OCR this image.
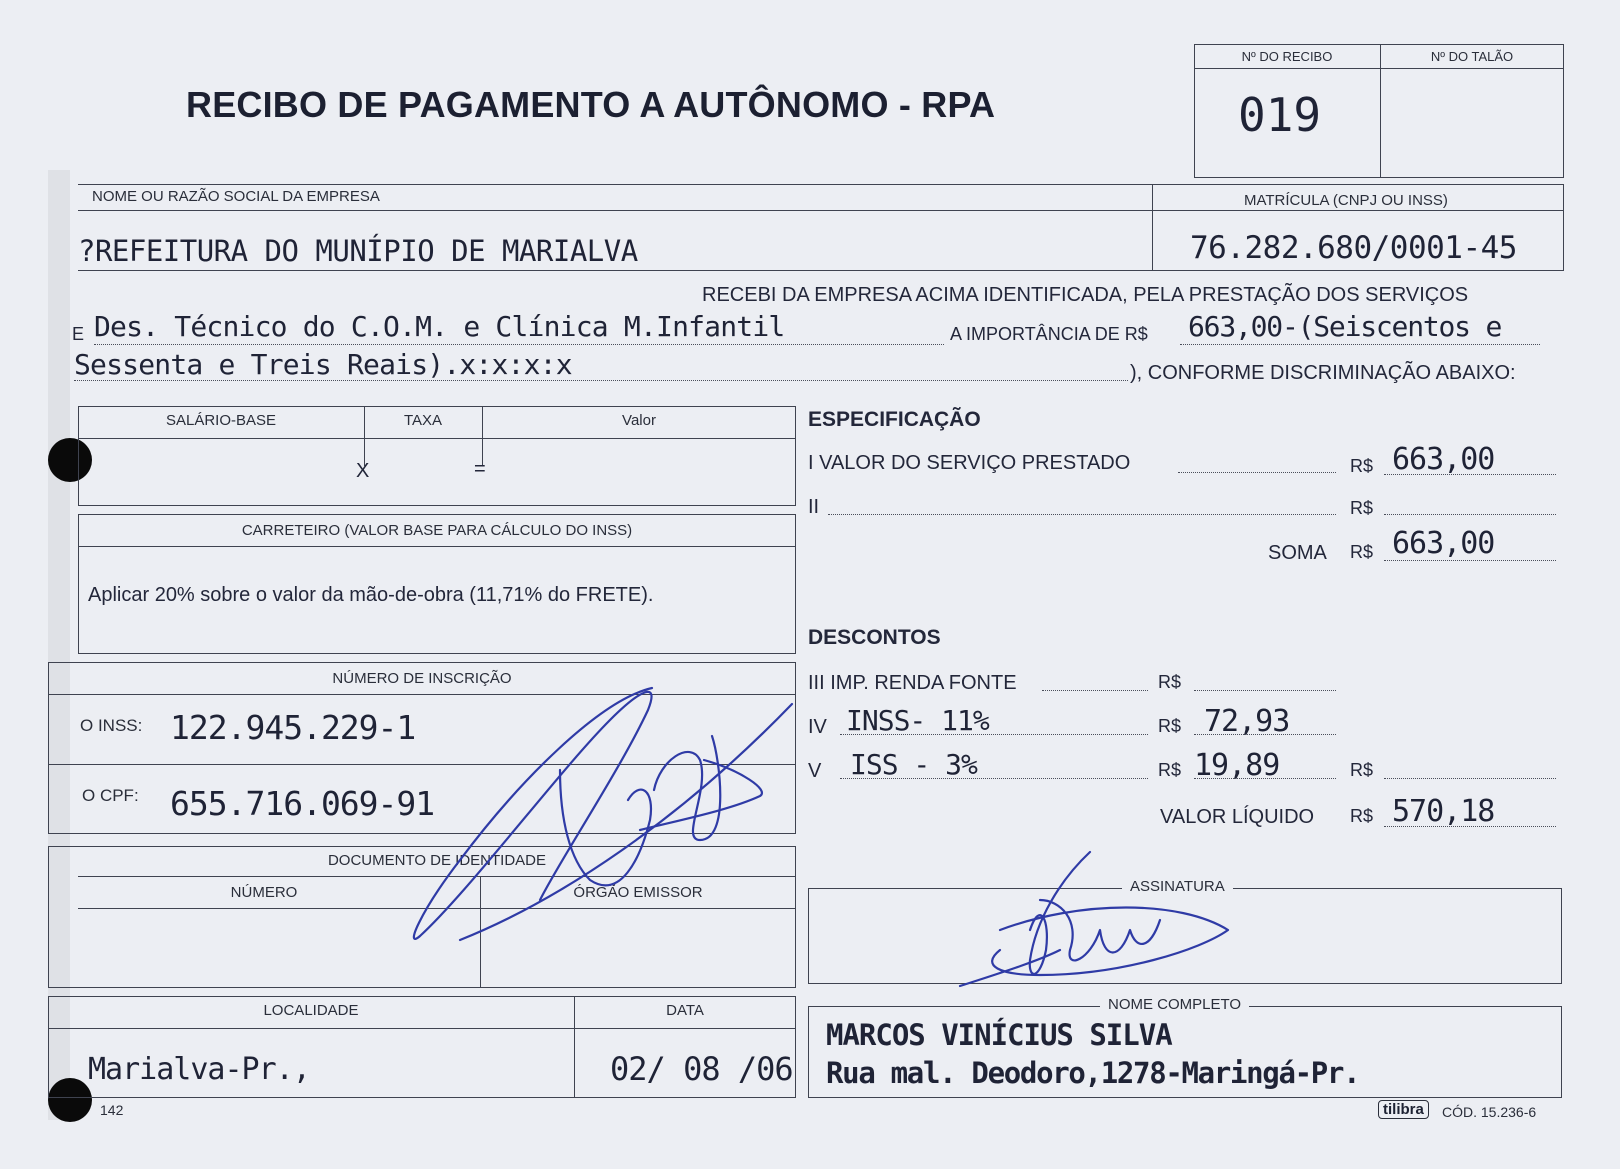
RECIBO DE PAGAMENTO A AUTÔNOMO - RPA
Nº DO RECIBO	Nº DO TALÃO
019
NOME OU RAZÃO SOCIAL DA EMPRESA	MATRÍCULA (CNPJ OU INSS)
?REFEITURA DO MUNÍPIO DE MARIALVA	76.282.680/0001-45
RECEBI DA EMPRESA ACIMA IDENTIFICADA, PELA PRESTAÇÃO DOS SERVIÇOS
E Des. Técnico do C.O.M. e Clínica M.Infantil	A IMPORTÂNCIA DE R$ 663,00-(Seiscentos e
Sessenta e Treis Reais).x:x:x:x	), CONFORME DISCRIMINAÇÃO ABAIXO:
SALÁRIO-BASE	TAXA	Valor
X	=
CARRETEIRO (VALOR BASE PARA CÁLCULO DO INSS)
Aplicar 20% sobre o valor da mão-de-obra (11,71% do FRETE).
NÚMERO DE INSCRIÇÃO
O INSS: 122.945.229-1
O CPF: 655.716.069-91
DOCUMENTO DE IDENTIDADE
NÚMERO	ÓRGÃO EMISSOR
LOCALIDADE	DATA
Marialva-Pr.,	02/ 08 /06
ESPECIFICAÇÃO
I VALOR DO SERVIÇO PRESTADO	R$ 663,00
II	R$
SOMA R$ 663,00
DESCONTOS
III IMP. RENDA FONTE	R$
IV INSS- 11%	R$ 72,93
V ISS - 3%	R$ 19,89	R$
VALOR LÍQUIDO R$ 570,18
ASSINATURA
NOME COMPLETO
MARCOS VINÍCIUS SILVA
Rua mal. Deodoro,1278-Maringá-Pr.
142	tilibra	CÓD. 15.236-6
